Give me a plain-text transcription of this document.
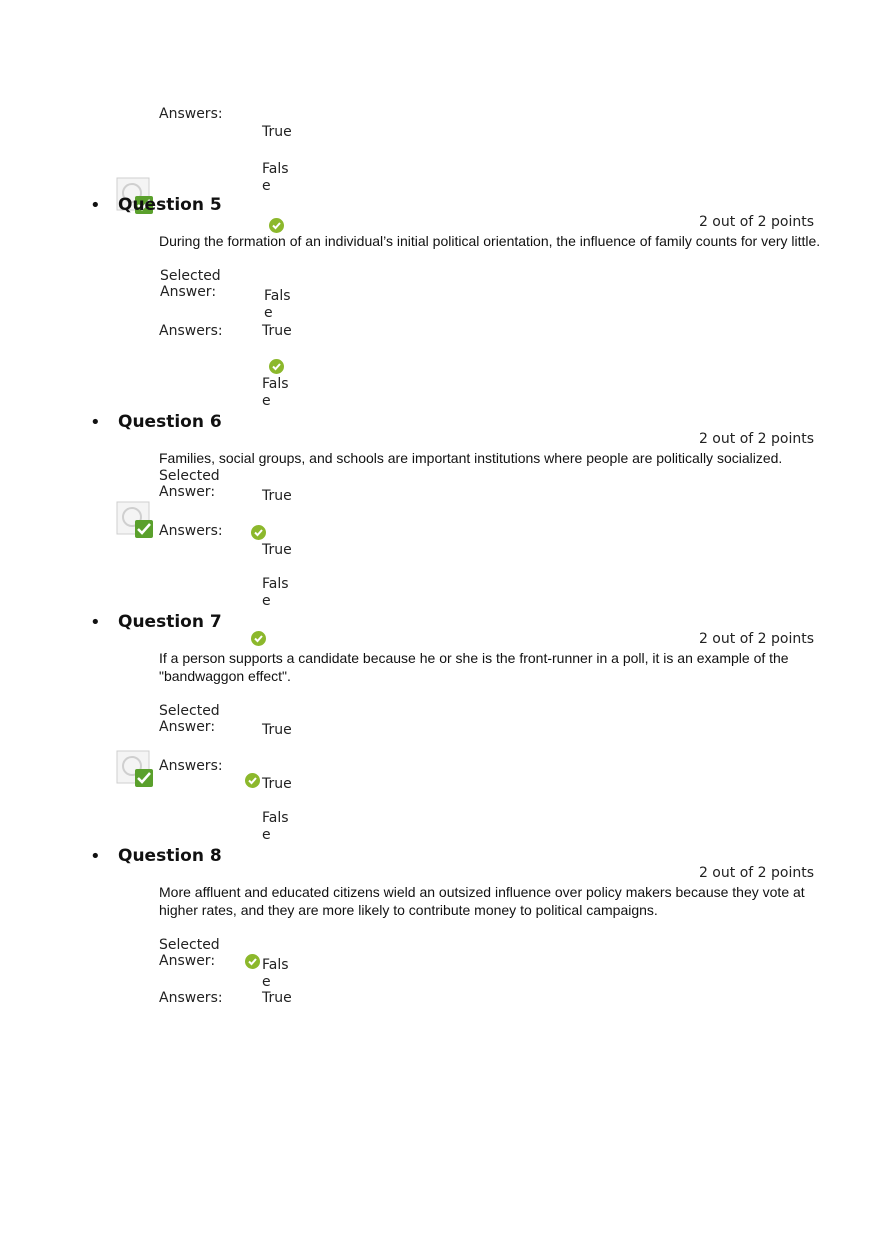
Answers:
True
False
• Question 5
2 out of 2 points
During the formation of an individual’s initial political orientation, the influence of family counts for very little.
Selected Answer:	False
Answers:	True
False
• Question 6
2 out of 2 points
Families, social groups, and schools are important institutions where people are politically socialized.
Selected Answer:	True
Answers:
True
False
• Question 7
2 out of 2 points
If a person supports a candidate because he or she is the front-runner in a poll, it is an example of the "bandwaggon effect".
Selected Answer:	True
Answers:
True
False
• Question 8
2 out of 2 points
More affluent and educated citizens wield an outsized influence over policy makers because they vote at higher rates, and they are more likely to contribute money to political campaigns.
Selected Answer:	False
Answers:	True
